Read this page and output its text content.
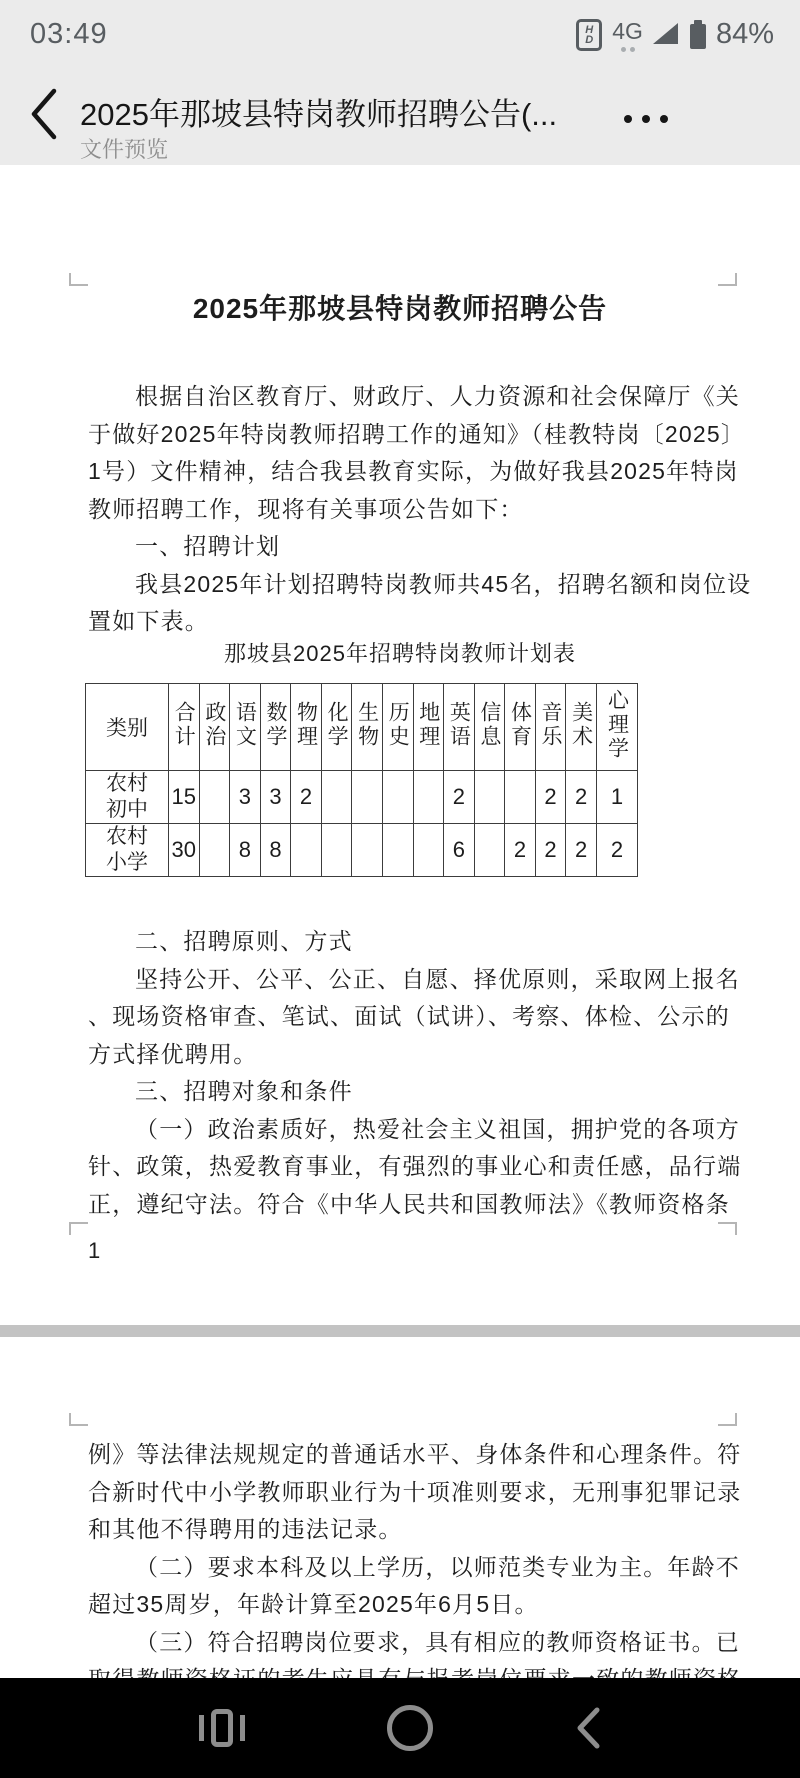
03:49	H
D 4G	84%
2025年那坡县特岗教师招聘公告(...
文件预览
2025年那坡县特岗教师招聘公告
根据自治区教育厅、财政厅、人力资源和社会保障厅《关
于做好2025年特岗教师招聘工作的通知》（桂教特岗〔2025〕
1号）文件精神，结合我县教育实际，为做好我县2025年特岗
教师招聘工作，现将有关事项公告如下：
一、招聘计划
我县2025年计划招聘特岗教师共45名，招聘名额和岗位设
置如下表。
那坡县2025年招聘特岗教师计划表
类别	合计	政治	语文	数学	物理	化学	生物	历史	地理	英语	信息	体育	音乐	美术	心理学
农村初中	15		3	3	2					2			2	2	1
农村小学	30		8	8						6		2	2	2	2
二、招聘原则、方式
坚持公开、公平、公正、自愿、择优原则，采取网上报名
、现场资格审查、笔试、面试（试讲）、考察、体检、公示的
方式择优聘用。
三、招聘对象和条件
（一）政治素质好，热爱社会主义祖国，拥护党的各项方
针、政策，热爱教育事业，有强烈的事业心和责任感，品行端
正，遵纪守法。符合《中华人民共和国教师法》《教师资格条
1
例》等法律法规规定的普通话水平、身体条件和心理条件。符
合新时代中小学教师职业行为十项准则要求，无刑事犯罪记录
和其他不得聘用的违法记录。
（二）要求本科及以上学历，以师范类专业为主。年龄不
超过35周岁，年龄计算至2025年6月5日。
（三）符合招聘岗位要求，具有相应的教师资格证书。已
